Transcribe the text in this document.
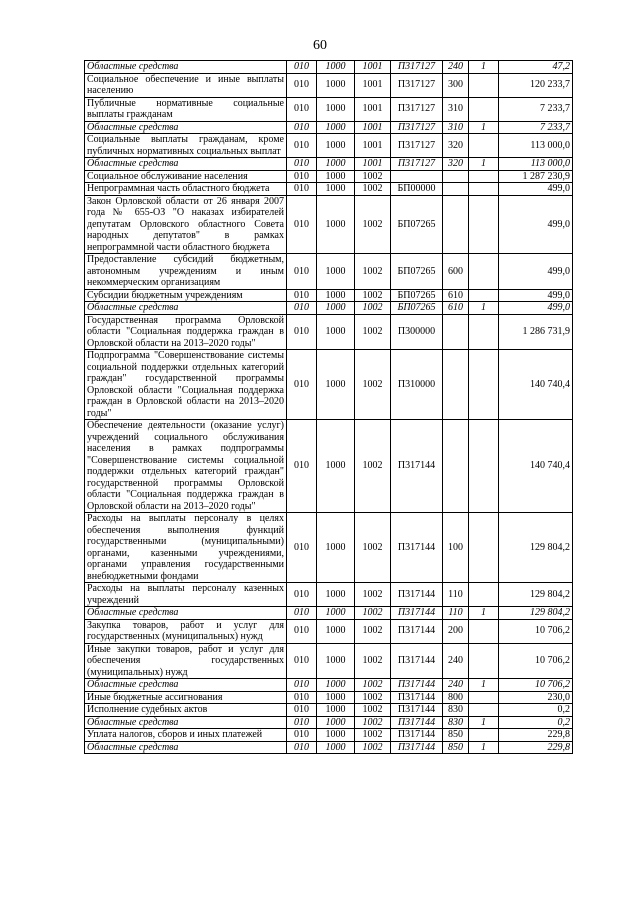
60
Областные средства	010	1000	1001	П317127	240	1	47,2
Социальное обеспечение и иные выплаты населению	010	1000	1001	П317127	300		120 233,7
Публичные нормативные социальные выплаты гражданам	010	1000	1001	П317127	310		7 233,7
Областные средства	010	1000	1001	П317127	310	1	7 233,7
Социальные выплаты гражданам, кроме публичных нормативных социальных выплат	010	1000	1001	П317127	320		113 000,0
Областные средства	010	1000	1001	П317127	320	1	113 000,0
Социальное обслуживание населения	010	1000	1002				1 287 230,9
Непрограммная часть областного бюджета	010	1000	1002	БП00000			499,0
Закон Орловской области от 26 января 2007 года № 655-ОЗ "О наказах избирателей депутатам Орловского областного Совета народных депутатов" в рамках непрограммной части областного бюджета	010	1000	1002	БП07265			499,0
Предоставление субсидий бюджетным, автономным учреждениям и иным некоммерческим организациям	010	1000	1002	БП07265	600		499,0
Субсидии бюджетным учреждениям	010	1000	1002	БП07265	610		499,0
Областные средства	010	1000	1002	БП07265	610	1	499,0
Государственная программа Орловской области "Социальная поддержка граждан в Орловской области на 2013–2020 годы"	010	1000	1002	П300000			1 286 731,9
Подпрограмма "Совершенствование системы социальной поддержки отдельных категорий граждан" государственной программы Орловской области "Социальная поддержка граждан в Орловской области на 2013–2020 годы"	010	1000	1002	П310000			140 740,4
Обеспечение деятельности (оказание услуг) учреждений социального обслуживания населения в рамках подпрограммы "Совершенствование системы социальной поддержки отдельных категорий граждан" государственной программы Орловской области "Социальная поддержка граждан в Орловской области на 2013–2020 годы"	010	1000	1002	П317144			140 740,4
Расходы на выплаты персоналу в целях обеспечения выполнения функций государственными (муниципальными) органами, казенными учреждениями, органами управления государственными внебюджетными фондами	010	1000	1002	П317144	100		129 804,2
Расходы на выплаты персоналу казенных учреждений	010	1000	1002	П317144	110		129 804,2
Областные средства	010	1000	1002	П317144	110	1	129 804,2
Закупка товаров, работ и услуг для государственных (муниципальных) нужд	010	1000	1002	П317144	200		10 706,2
Иные закупки товаров, работ и услуг для обеспечения государственных (муниципальных) нужд	010	1000	1002	П317144	240		10 706,2
Областные средства	010	1000	1002	П317144	240	1	10 706,2
Иные бюджетные ассигнования	010	1000	1002	П317144	800		230,0
Исполнение судебных актов	010	1000	1002	П317144	830		0,2
Областные средства	010	1000	1002	П317144	830	1	0,2
Уплата налогов, сборов и иных платежей	010	1000	1002	П317144	850		229,8
Областные средства	010	1000	1002	П317144	850	1	229,8
